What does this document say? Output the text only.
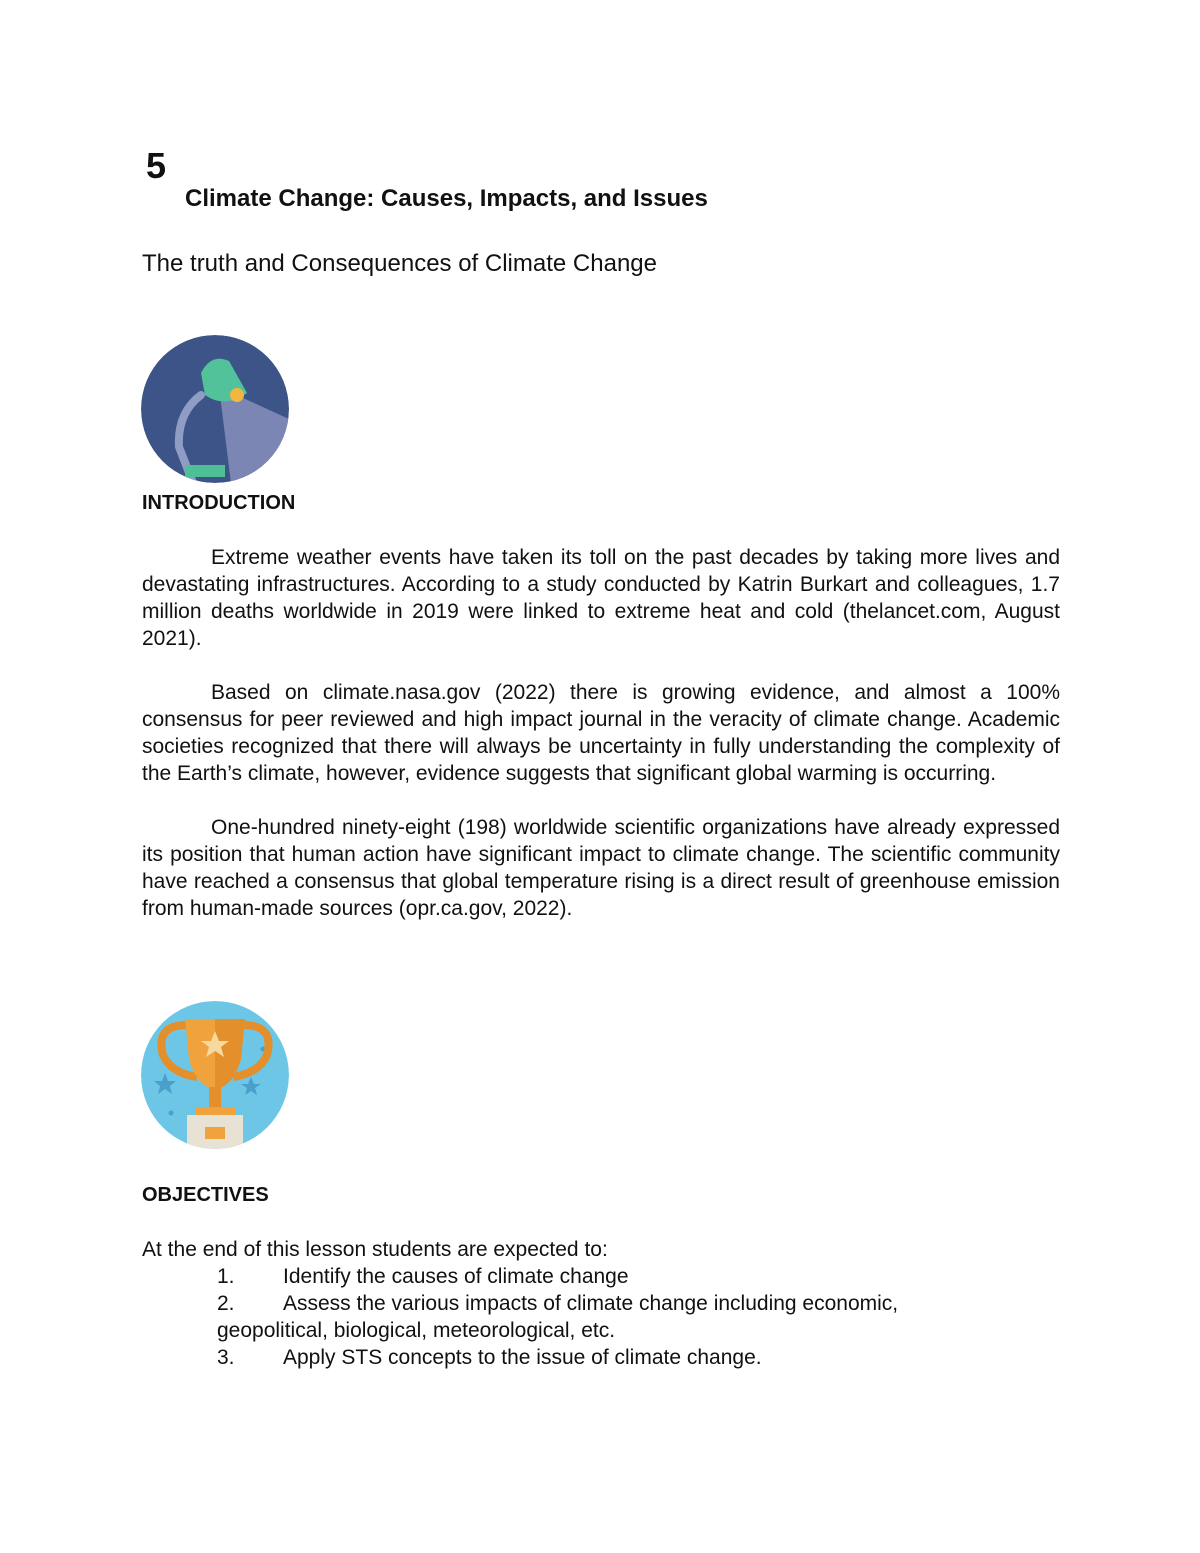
5
Climate Change: Causes, Impacts, and Issues
The truth and Consequences of Climate Change
INTRODUCTION

Extreme weather events have taken its toll on the past decades by taking more lives and devastating infrastructures. According to a study conducted by Katrin Burkart and colleagues, 1.7 million deaths worldwide in 2019 were linked to extreme heat and cold (thelancet.com, August 2021).

Based on climate.nasa.gov (2022) there is growing evidence, and almost a 100% consensus for peer reviewed and high impact journal in the veracity of climate change. Academic societies recognized that there will always be uncertainty in fully understanding the complexity of the Earth’s climate, however, evidence suggests that significant global warming is occurring.

One-hundred ninety-eight (198) worldwide scientific organizations have already expressed its position that human action have significant impact to climate change. The scientific community have reached a consensus that global temperature rising is a direct result of greenhouse emission from human-made sources (opr.ca.gov, 2022).

OBJECTIVES
At the end of this lesson students are expected to:
1. Identify the causes of climate change
2. Assess the various impacts of climate change including economic,
geopolitical, biological, meteorological, etc.
3. Apply STS concepts to the issue of climate change.
